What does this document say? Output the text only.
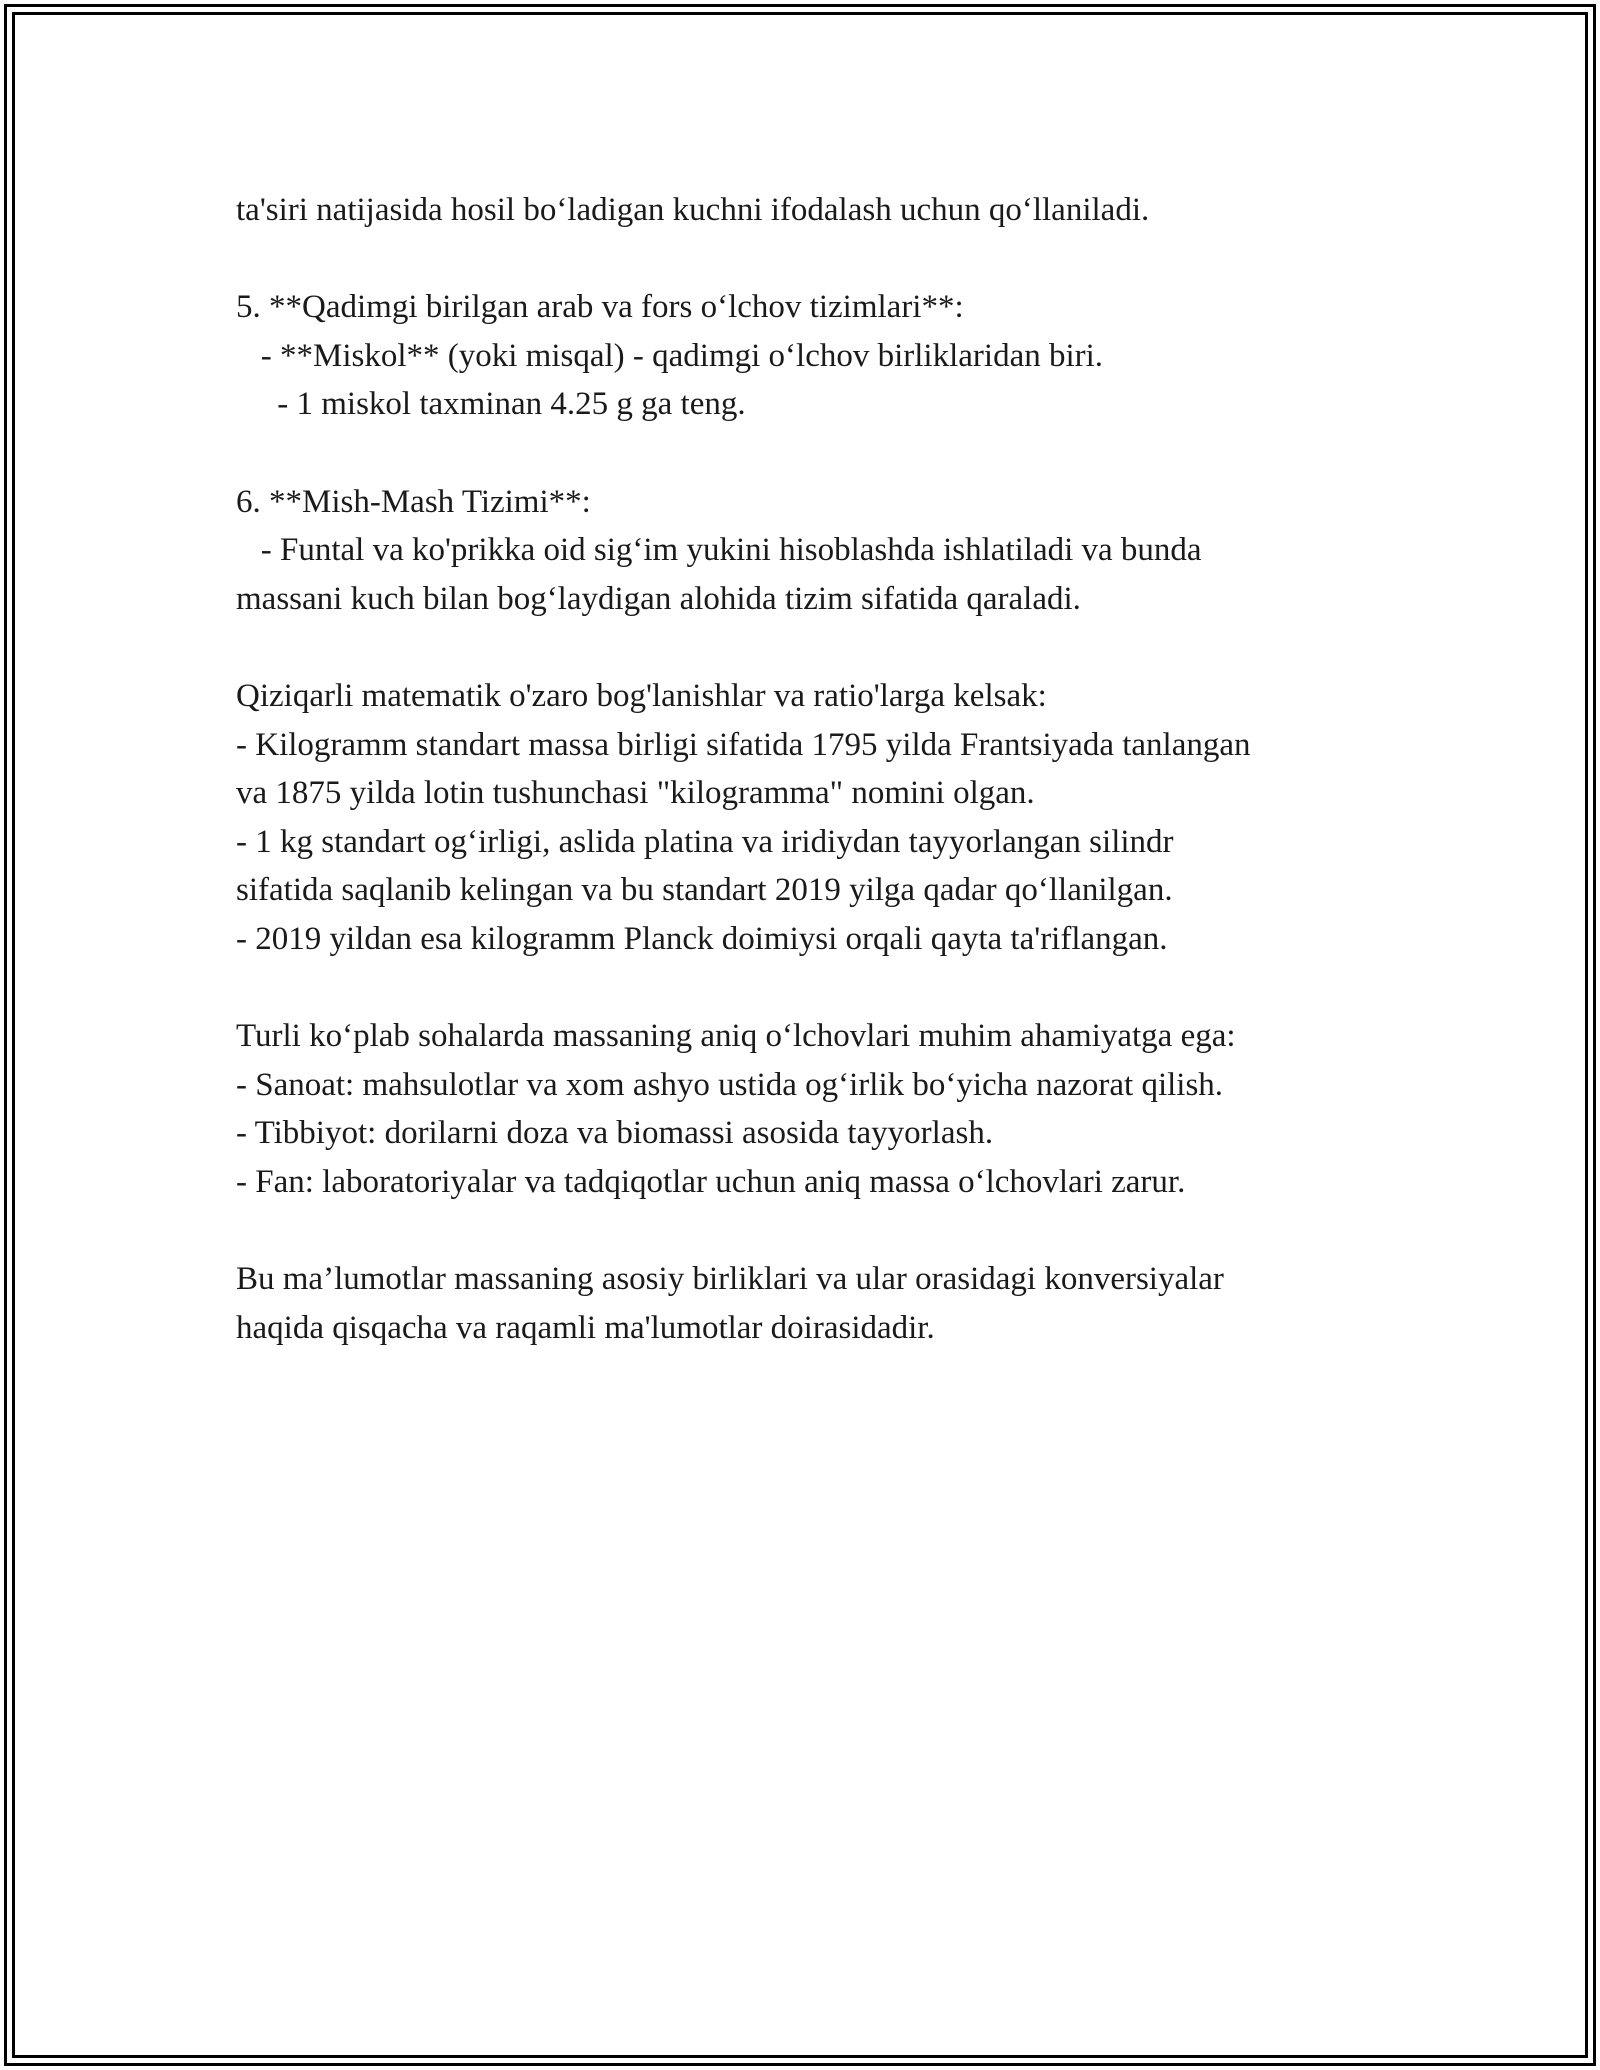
ta'siri natijasida hosil bo‘ladigan kuchni ifodalash uchun qo‘llaniladi.
5. **Qadimgi birilgan arab va fors o‘lchov tizimlari**:
- **Miskol** (yoki misqal) - qadimgi o‘lchov birliklaridan biri.
- 1 miskol taxminan 4.25 g ga teng.
6. **Mish-Mash Tizimi**:
- Funtal va ko'prikka oid sig‘im yukini hisoblashda ishlatiladi va bunda
massani kuch bilan bog‘laydigan alohida tizim sifatida qaraladi.
Qiziqarli matematik o'zaro bog'lanishlar va ratio'larga kelsak:
- Kilogramm standart massa birligi sifatida 1795 yilda Frantsiyada tanlangan
va 1875 yilda lotin tushunchasi "kilogramma" nomini olgan.
- 1 kg standart og‘irligi, aslida platina va iridiydan tayyorlangan silindr
sifatida saqlanib kelingan va bu standart 2019 yilga qadar qo‘llanilgan.
- 2019 yildan esa kilogramm Planck doimiysi orqali qayta ta'riflangan.
Turli ko‘plab sohalarda massaning aniq o‘lchovlari muhim ahamiyatga ega:
- Sanoat: mahsulotlar va xom ashyo ustida og‘irlik bo‘yicha nazorat qilish.
- Tibbiyot: dorilarni doza va biomassi asosida tayyorlash.
- Fan: laboratoriyalar va tadqiqotlar uchun aniq massa o‘lchovlari zarur.
Bu ma’lumotlar massaning asosiy birliklari va ular orasidagi konversiyalar
haqida qisqacha va raqamli ma'lumotlar doirasidadir.
